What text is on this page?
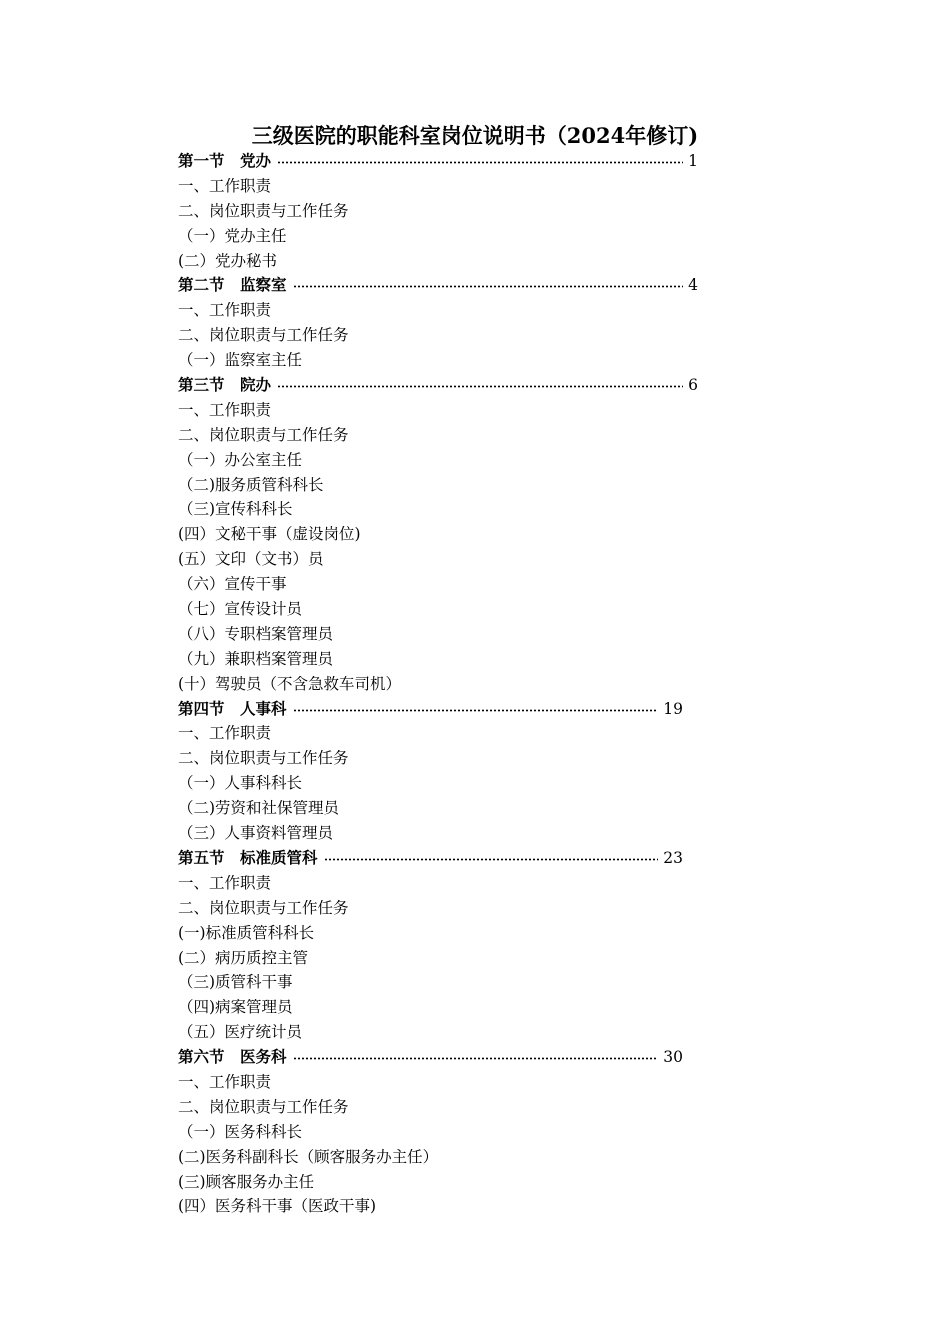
三级医院的职能科室岗位说明书（2024年修订)
第一节　党办	1
一、工作职责
二、岗位职责与工作任务
（一）党办主任
(二）党办秘书
第二节　监察室	4
一、工作职责
二、岗位职责与工作任务
（一）监察室主任
第三节　院办	6
一、工作职责
二、岗位职责与工作任务
（一）办公室主任
（二)服务质管科科长
（三)宣传科科长
(四）文秘干事（虚设岗位)
(五）文印（文书）员
（六）宣传干事
（七）宣传设计员
（八）专职档案管理员
（九）兼职档案管理员
(十）驾驶员（不含急救车司机）
第四节　人事科	19
一、工作职责
二、岗位职责与工作任务
（一）人事科科长
（二)劳资和社保管理员
（三）人事资料管理员
第五节　标准质管科	23
一、工作职责
二、岗位职责与工作任务
(一)标准质管科科长
(二）病历质控主管
（三)质管科干事
（四)病案管理员
（五）医疗统计员
第六节　医务科	30
一、工作职责
二、岗位职责与工作任务
（一）医务科科长
(二)医务科副科长（顾客服务办主任）
(三)顾客服务办主任
(四）医务科干事（医政干事)
